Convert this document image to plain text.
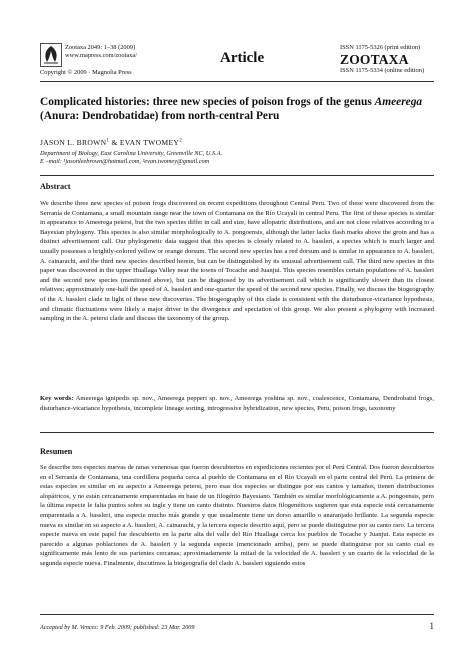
Zootaxa 2049: 1–38 (2009)
www.mapress.com/zootaxa/
Copyright © 2009 · Magnolia Press
Article
ISSN 1175-5326 (print edition)
ZOOTAXA
ISSN 1175-5334 (online edition)
Complicated histories: three new species of poison frogs of the genus Ameerega (Anura: Dendrobatidae) from north-central Peru
JASON L. BROWN$^1$ & EVAN TWOMEY$^2$
Department of Biology, East Carolina University, Greenville NC, U.S.A.
E –mail: ¹jasonleebrown@hotmail.com, ²evan.twomey@gmail.com
Abstract
We describe three new species of poison frogs discovered on recent expeditions throughout Central Peru. Two of these were discovered from the Serranía de Contamana, a small mountain range near the town of Contamana on the Río Ucayali in central Peru. The first of these species is similar in appearance to Ameerega petersi, but the two species differ in call and size, have allopatric distributions, and are not close relatives according to a Bayesian phylogeny. This species is also similar morphologically to A. pongoensis, although the latter lacks flash marks above the groin and has a distinct advertisement call. Our phylogenetic data suggest that this species is closely related to A. bassleri, a species which is much larger and usually possesses a brightly-colored yellow or orange dorsum. The second new species has a red dorsum and is similar in appearance to A. bassleri, A. cainarachi, and the third new species described herein, but can be distinguished by its unusual advertisement call. The third new species in this paper was discovered in the upper Huallaga Valley near the towns of Tocache and Juanjui. This species resembles certain populations of A. bassleri and the second new species (mentioned above), but can be diagnosed by its advertisement call which is significantly slower than its closest relatives; approximately one-half the speed of A. bassleri and one-quarter the speed of the second new species. Finally, we discuss the biogeography of the A. bassleri clade in light of these new discoveries. The biogeography of this clade is consistent with the disturbance-vicariance hypothesis, and climatic fluctuations were likely a major driver in the divergence and speciation of this group. We also present a phylogeny with increased sampling in the A. petersi clade and discuss the taxonomy of the group.
Key words: Ameerega ignipedis sp. nov., Ameerega pepperi sp. nov., Ameerega yoshina sp. nov., coalescence, Contamana, Dendrobatid frogs, disturbance-vicariance hypothesis, incomplete lineage sorting, introgressive hybridization, new species, Peru, poison frogs, taxonomy
Resumen
Se describe tres especies nuevas de ranas venenosas que fueron descubiertos en expediciones recientes por el Perú Central. Dos fueron descubiertos en el Serranía de Contamana, una cordillera pequeña cerca al pueblo de Contamana en el Río Ucayali en el parte central del Perú. La primera de estas especies es similar en su aspecto a Ameerega petersi, pero esas dos especies se distingue por sus cantos y tamaños, tienen distribuciones alopátricos, y no están cercanamente emparentadas en base de un filogénio Bayesiano. También es similar morfológicamente a A. pongoensis, pero la última especie le falta puntos sobre su ingle y tiene un canto distinto. Nuestros datos filogenéticos sugieren que esta especie está cercanamente emparentada a A. bassleri, una especie mucho más grande y que usualmente tiene un dorso amarillo o anaranjado brillante. La segunda especie nueva es similar en su aspecto a A. bassleri, A. cainarachi, y la tercera especie descrito aquí, pero se puede distinguirse por su canto raro. La tercera especie nueva en este papel fue descubierto en la parte alta del valle del Río Huallaga cerca los pueblos de Tocache y Juanjui. Esta especie es parecido a algunas poblaciones de A. bassleri y la segunda especie (mencionado arriba), pero se puede distinguirse por su canto cual es significamente más lento de sus parientes cercanas; aproximadamente la mitad de la velocidad de A. bassleri y un cuarto de la velocidad de la segunda especie nueva. Finalmente, discutimos la biogeografía del clado A. bassleri siguiendo estos
Accepted by M. Vences: 9 Feb. 2009; published: 23 Mar. 2009	1
